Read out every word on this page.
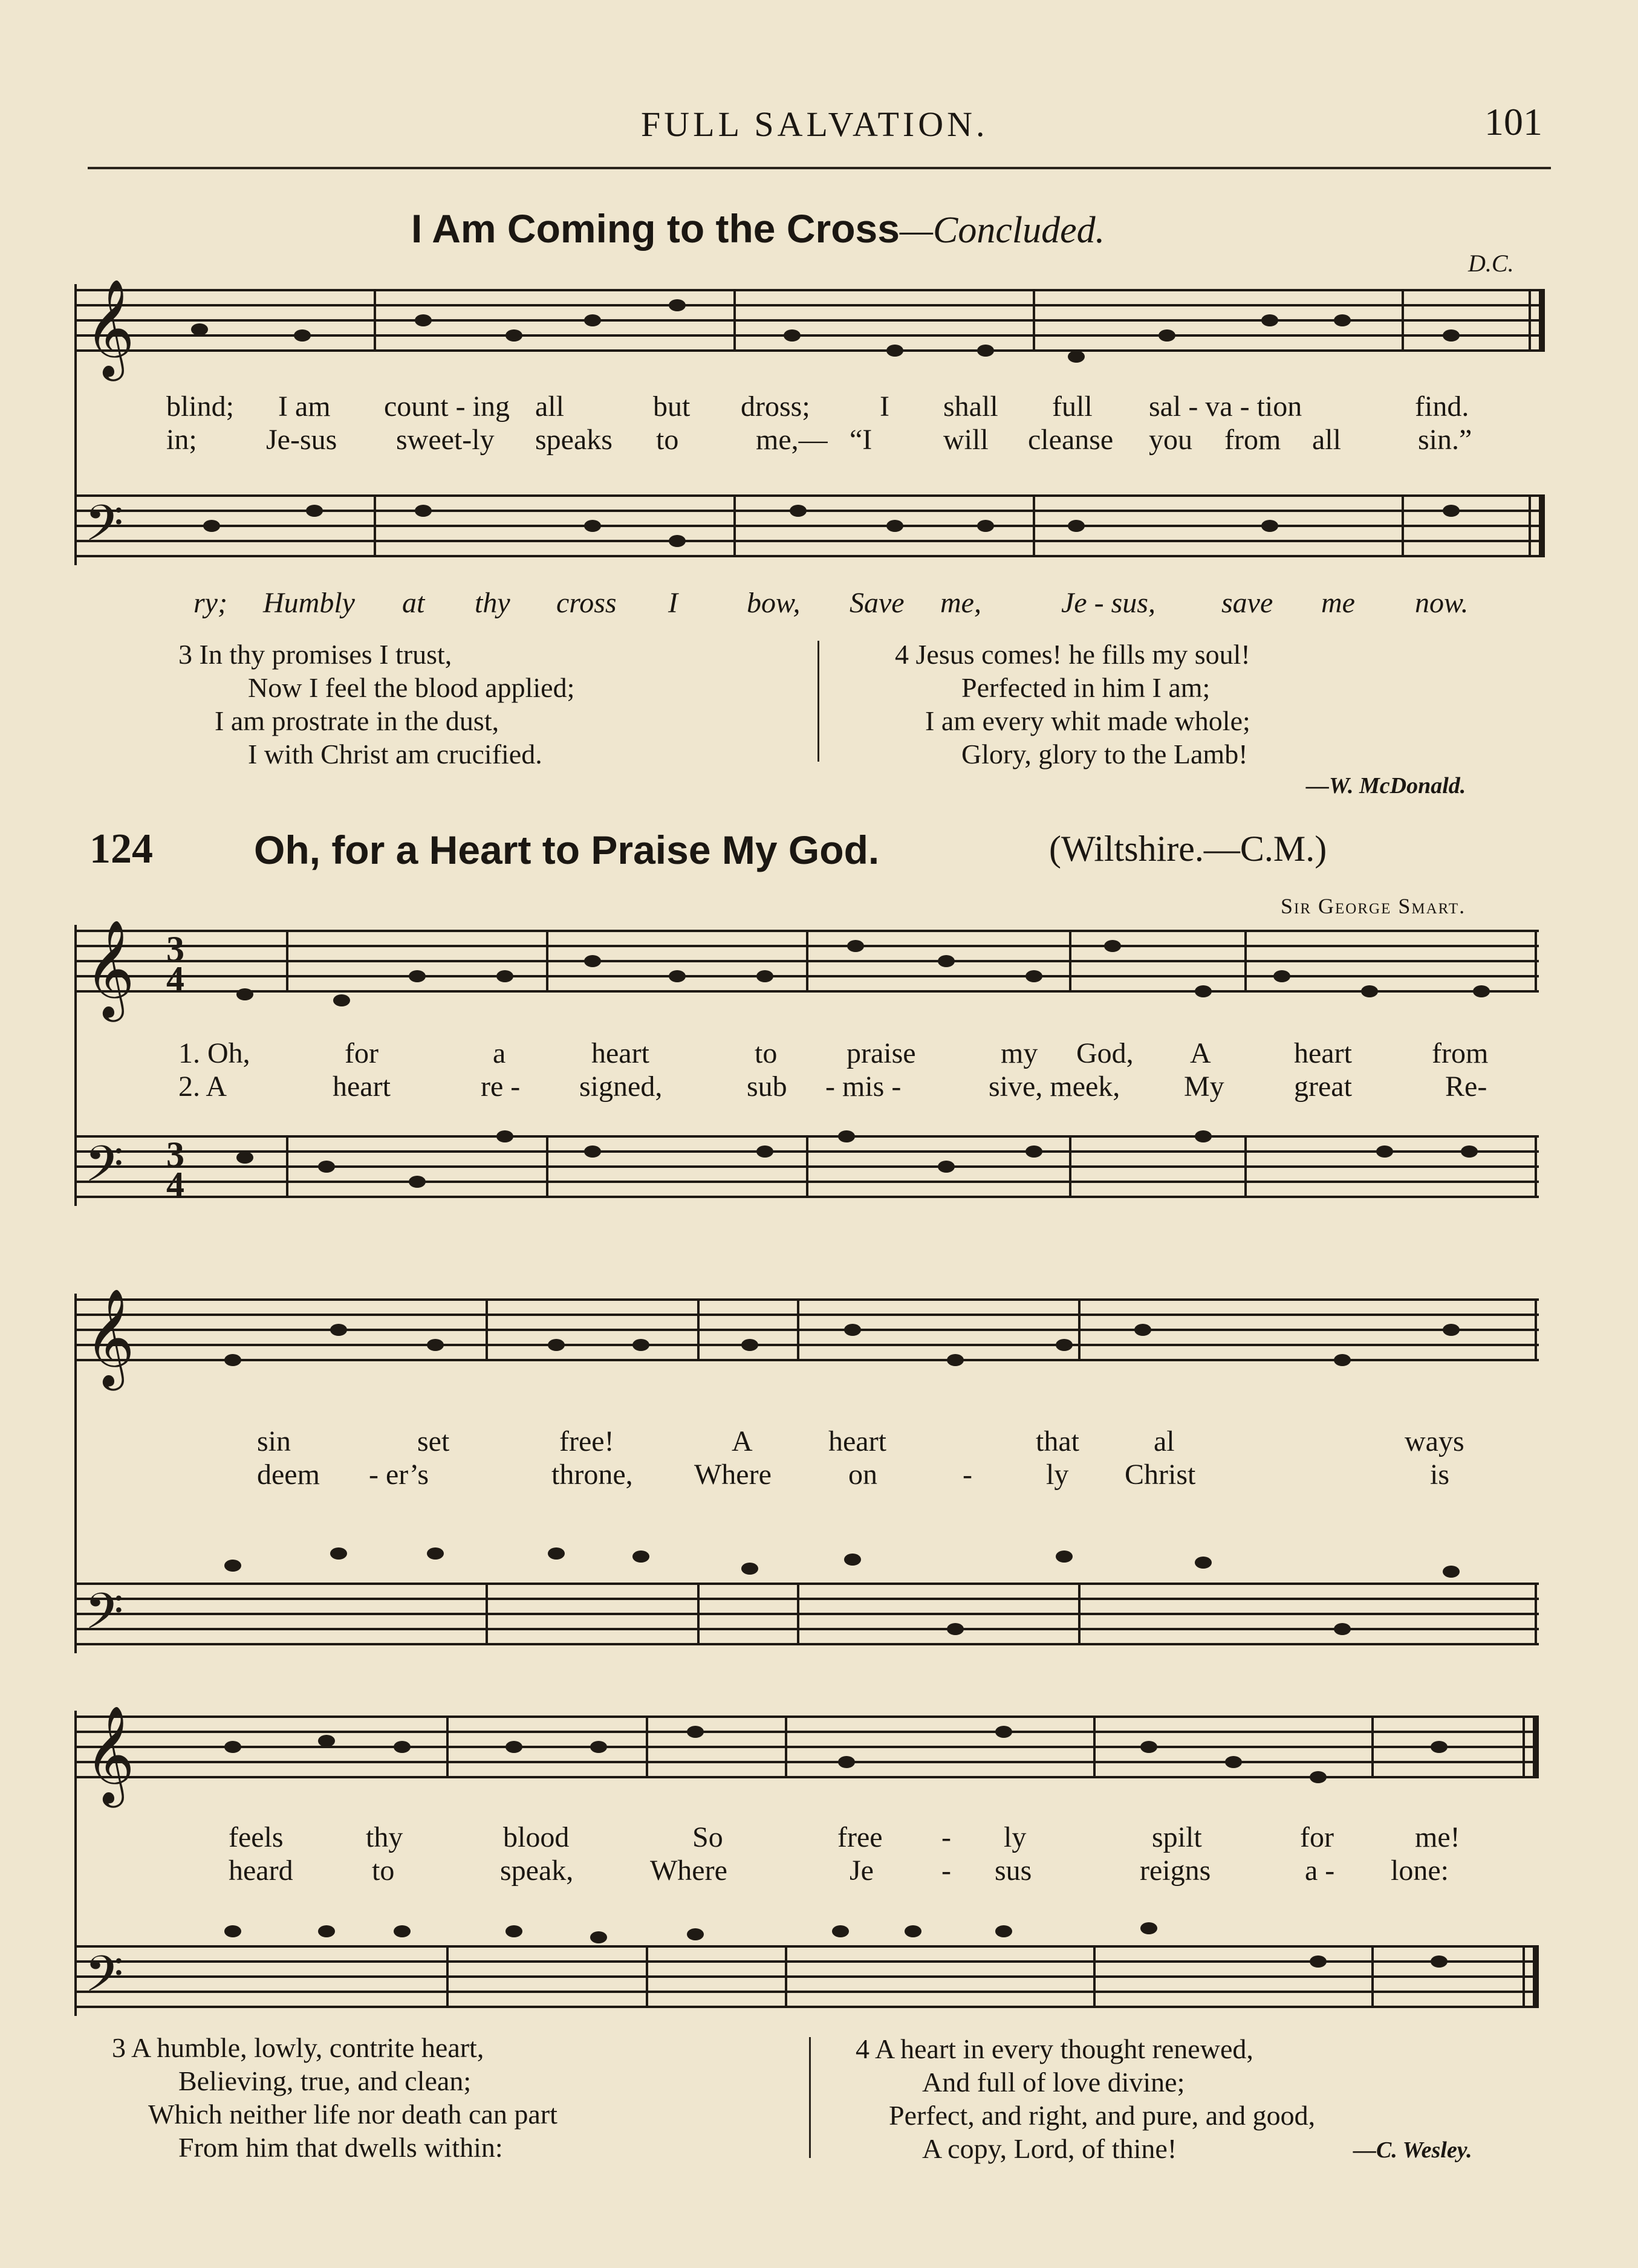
FULL SALVATION.	101
I Am Coming to the Cross—Concluded.
D.C.
𝄞
𝄢
𝄞
𝄢
𝄞
𝄢
𝄞
𝄢
3
4
3
4
blind; I am count - ing all	but dross; I shall full sal - va - tion	find.
in; Je-sus sweet-ly speaks to	me,— “I will cleanse you from all	sin.”
ry; Humbly at thy cross I bow, Save me,	Je - sus, save me now.
3 In thy promises I trust,
Now I feel the blood applied;
I am prostrate in the dust,
I with Christ am crucified.
4 Jesus comes! he fills my soul!
Perfected in him I am;
I am every whit made whole;
Glory, glory to the Lamb!
—W. McDonald.
124	Oh, for a Heart to Praise My God.	(Wiltshire.—C.M.)
Sir George Smart.
1. Oh,	for	a	heart	to praise	my God, A	heart	from
2. A	heart	re - signed,	sub - mis -	sive, meek, My great	Re-
sin	set	free!	A	heart	that	al	ways
deem - er’s	throne, Where	on	-	ly Christ	is
feels	thy	blood	So	free - ly	spilt	for	me!
heard	to	speak,	Where	Je - sus	reigns	a - lone:
3 A humble, lowly, contrite heart,
Believing, true, and clean;
Which neither life nor death can part
From him that dwells within:
4 A heart in every thought renewed,
And full of love divine;
Perfect, and right, and pure, and good,
A copy, Lord, of thine!	—C. Wesley.
